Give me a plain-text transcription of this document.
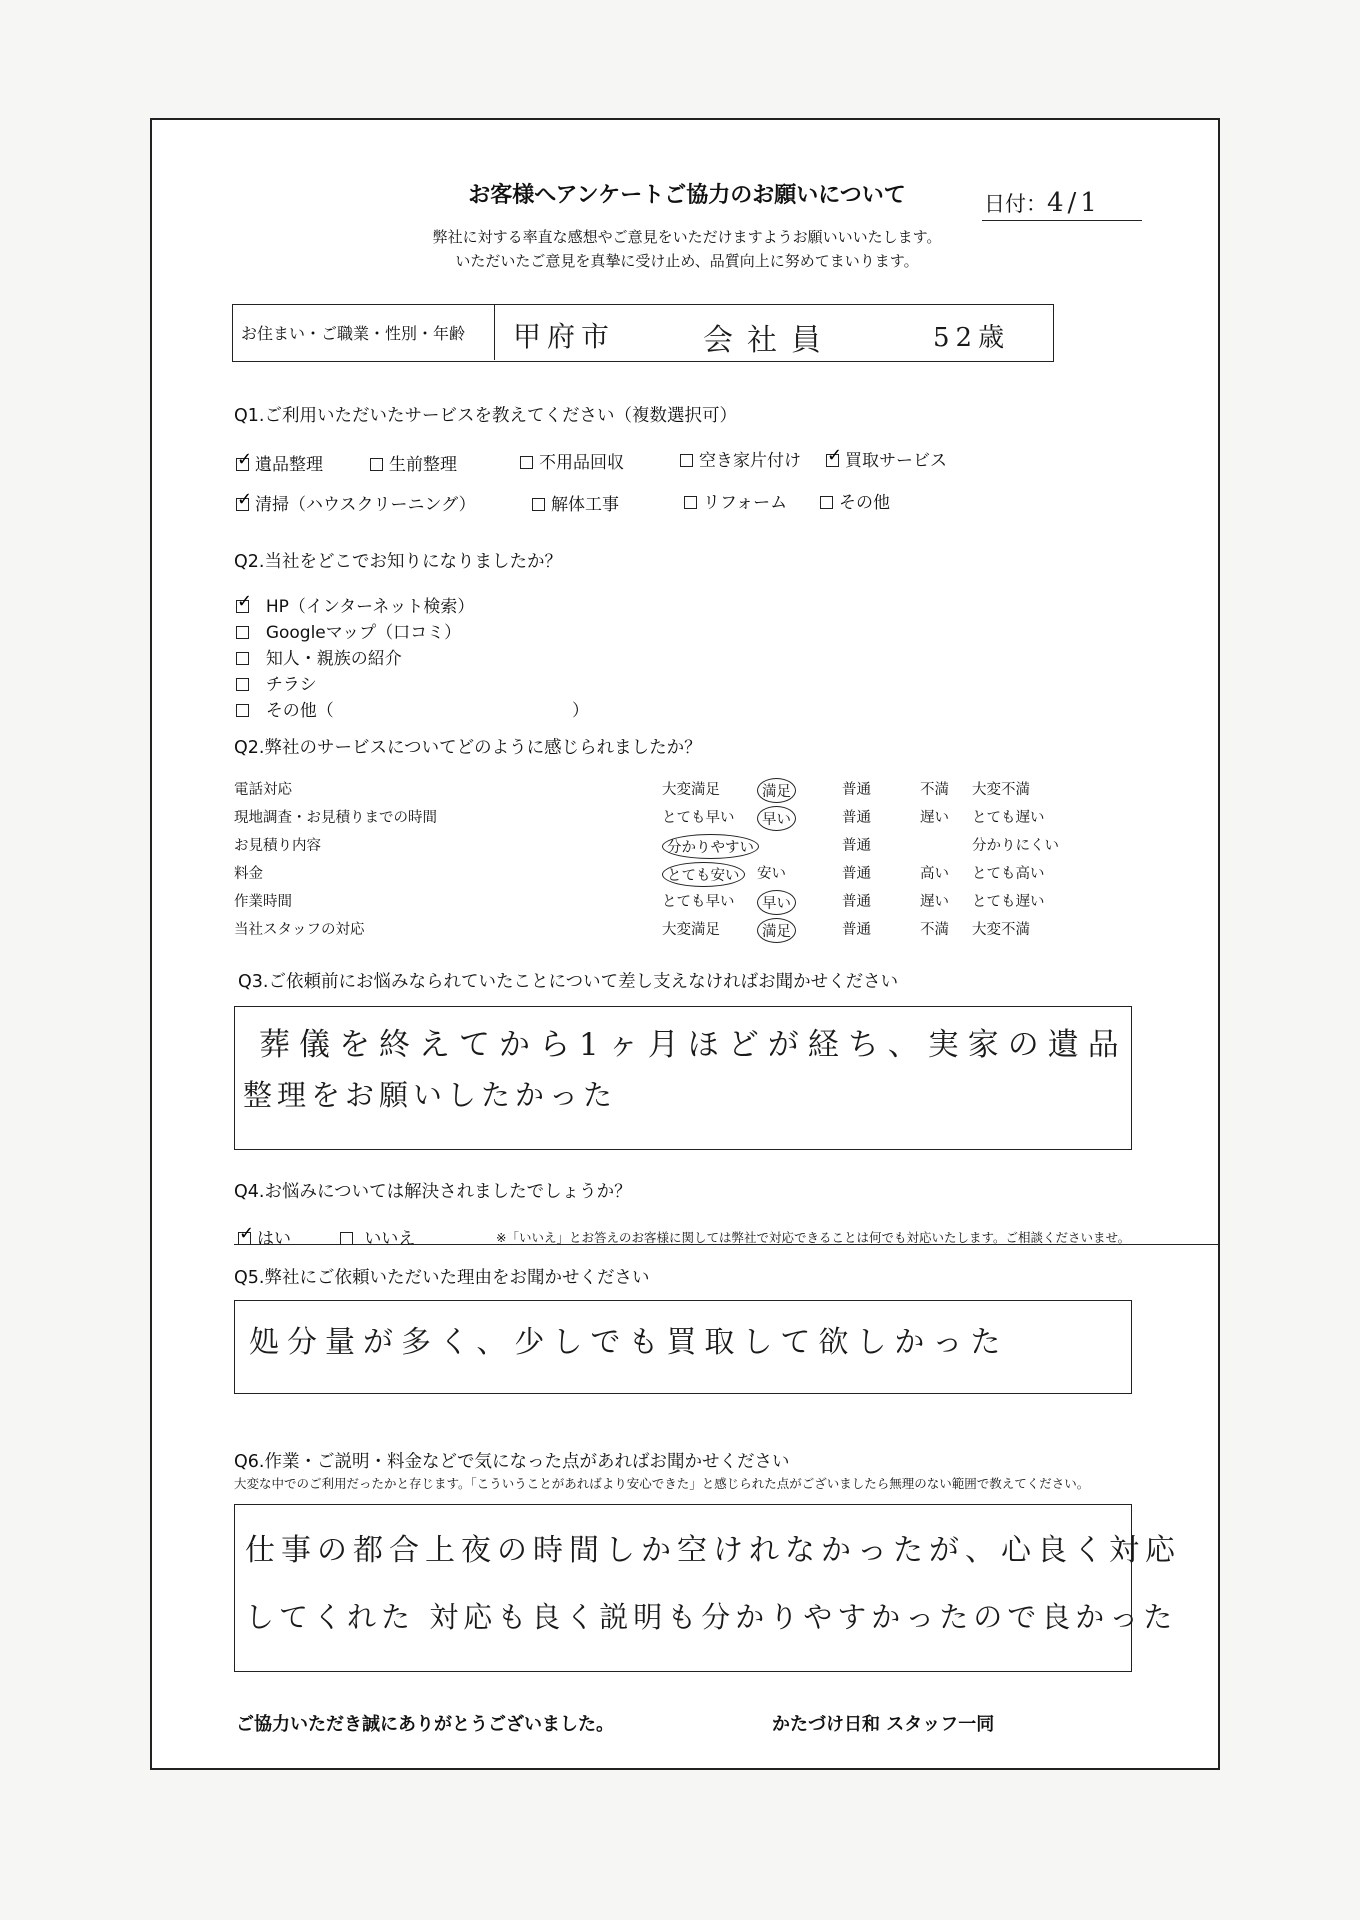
お客様へアンケートご協力のお願いについて	日付：4/1
弊社に対する率直な感想やご意見をいただけますようお願いいいたします。
いただいたご意見を真摯に受け止め、品質向上に努めてまいります。
お住まい・ご職業・性別・年齢 甲府市	会社員	52歳
Q1.ご利用いただいたサービスを教えてください（複数選択可）
✓遺品整理	生前整理	不用品回収	空き家片付け
✓	買取サービス
✓清掃（ハウスクリーニング）	解体工事	リフォーム	その他
Q2.当社をどこでお知りになりましたか？
✓  HP（インターネット検索）
Googleマップ（口コミ）
知人・親族の紹介
チラシ
その他（	）
Q2.弊社のサービスについてどのように感じられましたか？
電話対応	大変満足	満足	普通	不満 大変不満
現地調査・お見積りまでの時間	とても早い	早い	普通	遅い とても遅い
お見積り内容	分かりやすい	普通	分かりにくい
料金	とても安い	安い	普通	高い とても高い
作業時間	とても早い	早い	普通	遅い とても遅い
当社スタッフの対応	大変満足	満足	普通	不満 大変不満
Q3.ご依頼前にお悩みなられていたことについて差し支えなければお聞かせください
葬儀を終えてから1ヶ月ほどが経ち、実家の遺品
整理をお願いしたかった
Q4.お悩みについては解決されましたでしょうか？
✓はい	いいえ	※「いいえ」とお答えのお客様に関しては弊社で対応できることは何でも対応いたします。ご相談くださいませ。
Q5.弊社にご依頼いただいた理由をお聞かせください
処分量が多く、少しでも買取して欲しかった
Q6.作業・ご説明・料金などで気になった点があればお聞かせください
大変な中でのご利用だったかと存じます。「こういうことがあればより安心できた」と感じられた点がございましたら無理のない範囲で教えてください。
仕事の都合上夜の時間しか空けれなかったが、心良く対応
してくれた 対応も良く説明も分かりやすかったので良かった
ご協力いただき誠にありがとうございました。	かたづけ日和 スタッフ一同
